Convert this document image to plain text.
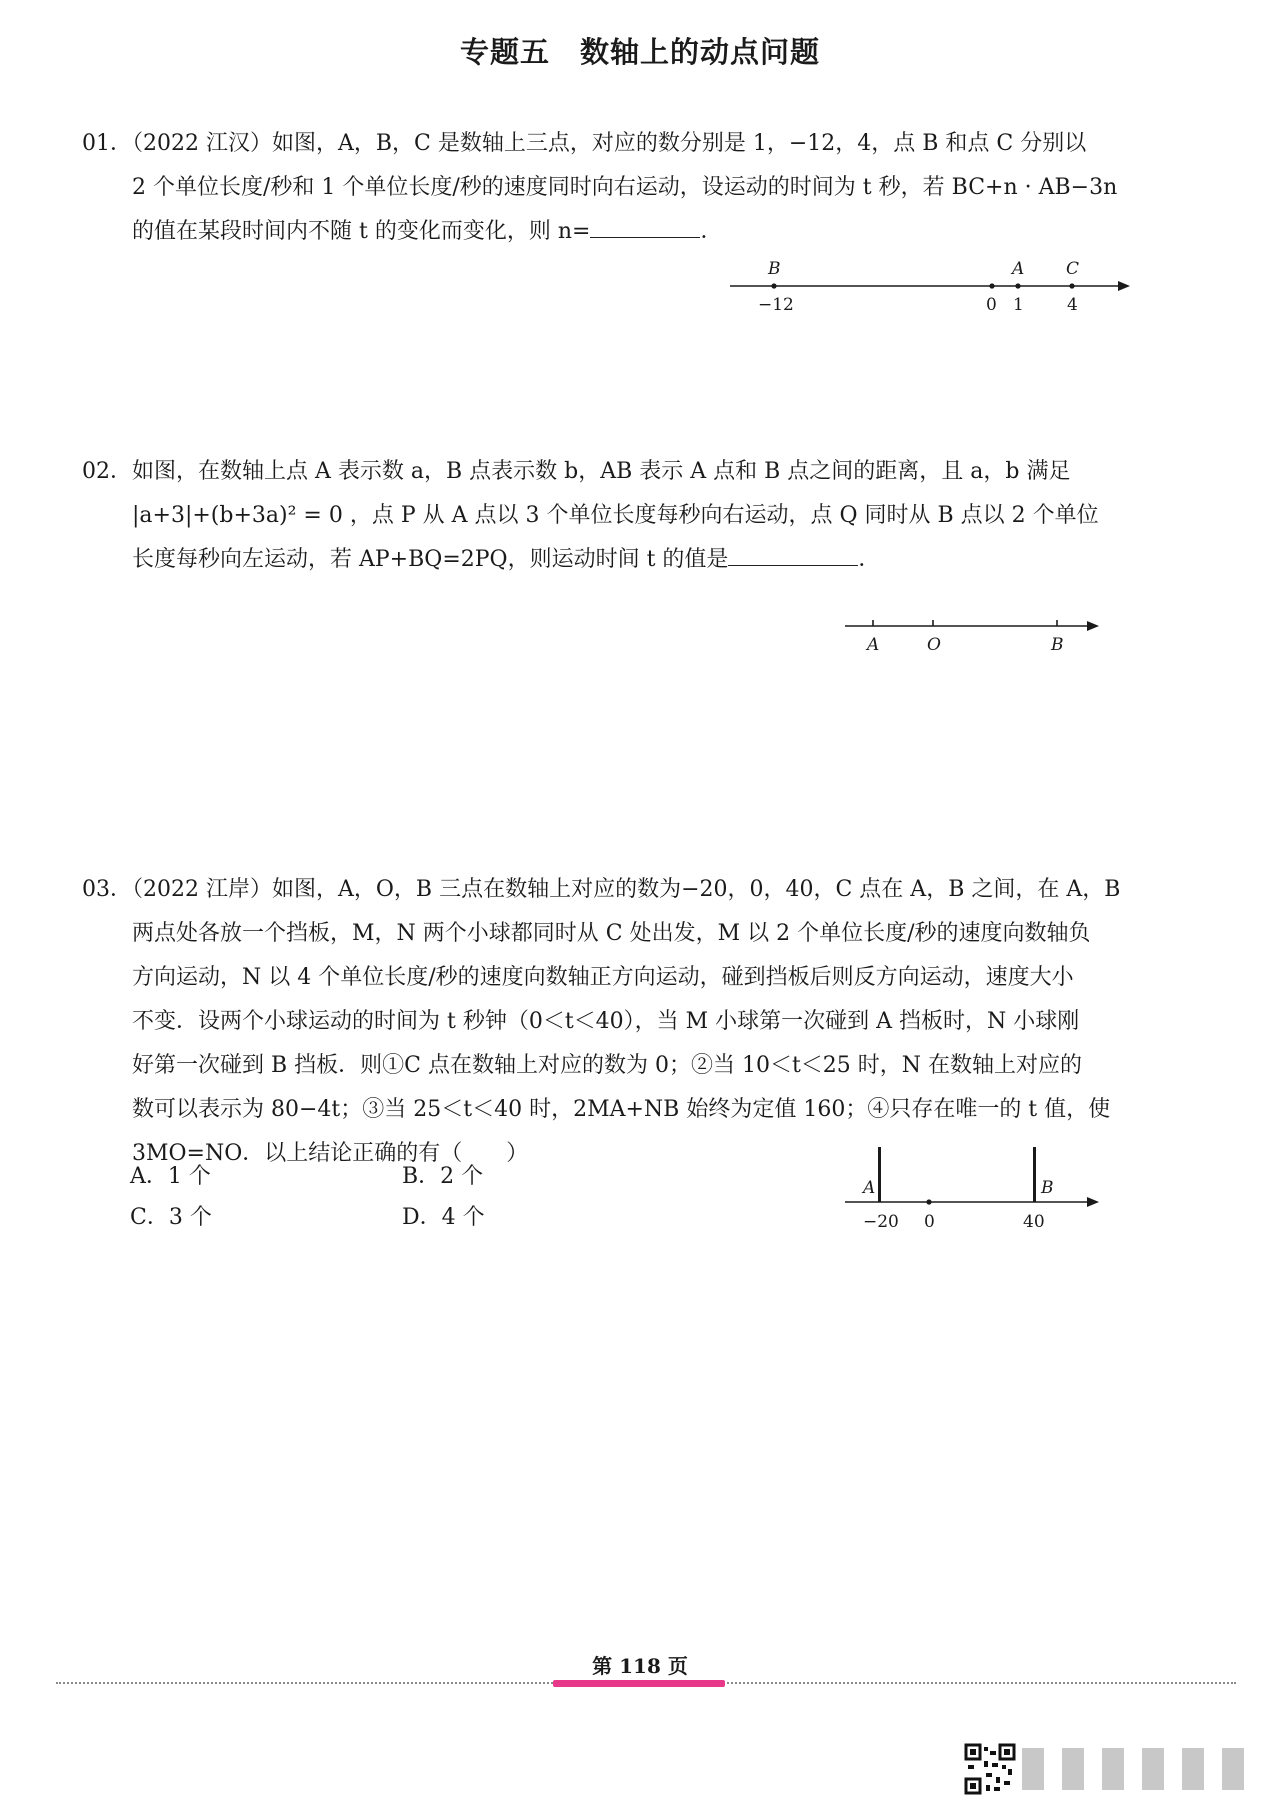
专题五　数轴上的动点问题

01．（2022 江汉）如图，A，B，C 是数轴上三点，对应的数分别是 1，−12，4，点 B 和点 C 分别以

2 个单位长度/秒和 1 个单位长度/秒的速度同时向右运动，设运动的时间为 t 秒，若 BC+n · AB−3n

的值在某段时间内不随 t 的变化而变化，则 n=	．

B	A C
−12	0 1	4

02．如图，在数轴上点 A 表示数 a，B 点表示数 b，AB 表示 A 点和 B 点之间的距离，且 a，b 满足

|a+3|+(b+3a)² = 0 ，点 P 从 A 点以 3 个单位长度每秒向右运动，点 Q 同时从 B 点以 2 个单位

长度每秒向左运动，若 AP+BQ=2PQ，则运动时间 t 的值是	．

A	O	B

03．（2022 江岸）如图，A，O，B 三点在数轴上对应的数为−20，0，40，C 点在 A，B 之间，在 A，B

两点处各放一个挡板，M，N 两个小球都同时从 C 处出发，M 以 2 个单位长度/秒的速度向数轴负

方向运动，N 以 4 个单位长度/秒的速度向数轴正方向运动，碰到挡板后则反方向运动，速度大小

不变．设两个小球运动的时间为 t 秒钟（0＜t＜40），当 M 小球第一次碰到 A 挡板时，N 小球刚

好第一次碰到 B 挡板．则①C 点在数轴上对应的数为 0；②当 10＜t＜25 时，N 在数轴上对应的

数可以表示为 80−4t；③当 25＜t＜40 时，2MA+NB 始终为定值 160；④只存在唯一的 t 值，使

3MO=NO．以上结论正确的有（　　）

A．1 个	B．2 个
C．3 个	D．4 个
A	B
−20 0	40
第 118 页
